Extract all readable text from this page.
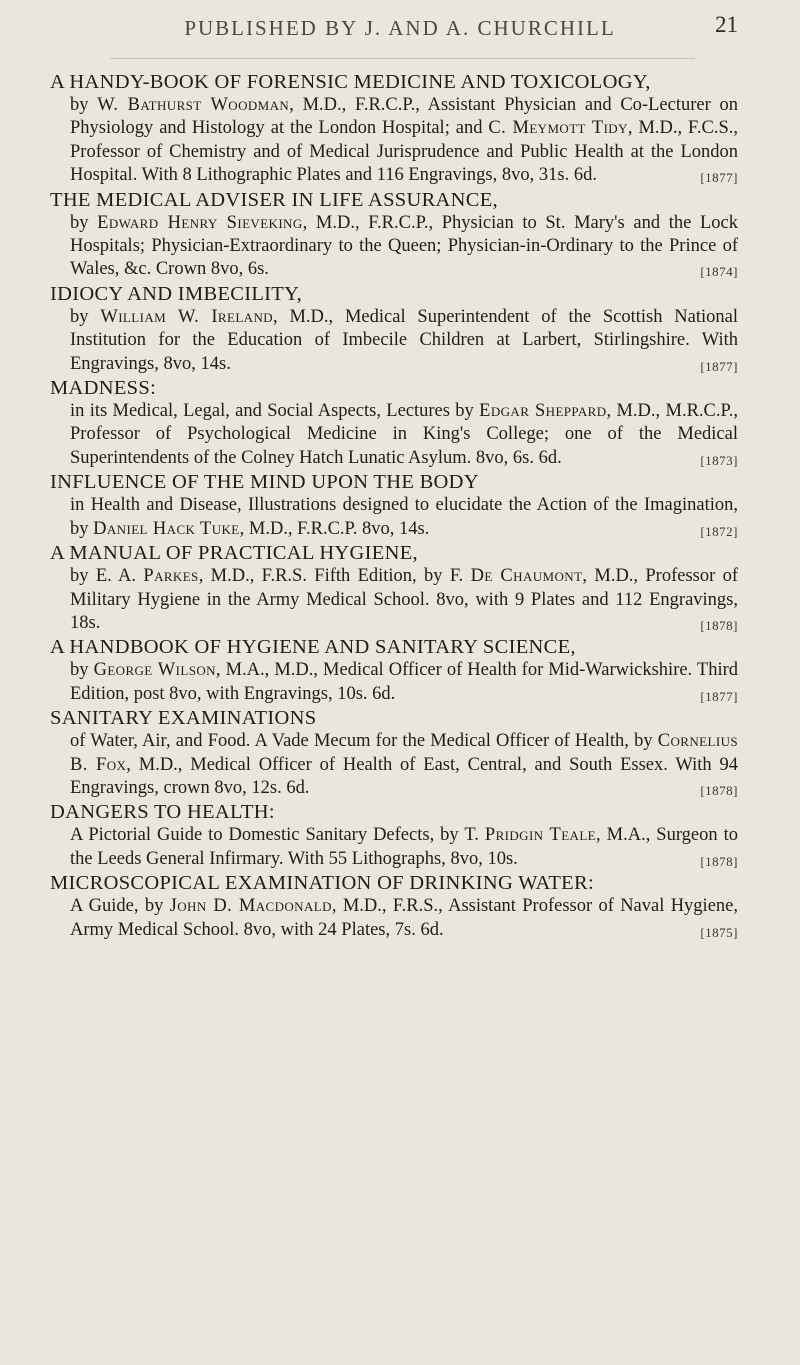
PUBLISHED BY J. AND A. CHURCHILL	21
A HANDY-BOOK OF FORENSIC MEDICINE AND TOXICOLOGY,
by W. Bathurst Woodman, M.D., F.R.C.P., Assistant Physician and Co-Lecturer on Physiology and Histology at the London Hospital; and C. Meymott Tidy, M.D., F.C.S., Professor of Chemistry and of Medical Jurisprudence and Public Health at the London Hospital. With 8 Lithographic Plates and 116 Engravings, 8vo, 31s. 6d.	[1877]
THE MEDICAL ADVISER IN LIFE ASSURANCE,
by Edward Henry Sieveking, M.D., F.R.C.P., Physician to St. Mary's and the Lock Hospitals; Physician-Extraordinary to the Queen; Physician-in-Ordinary to the Prince of Wales, &c. Crown 8vo, 6s.	[1874]
IDIOCY AND IMBECILITY,
by William W. Ireland, M.D., Medical Superintendent of the Scottish National Institution for the Education of Imbecile Children at Larbert, Stirlingshire. With Engravings, 8vo, 14s.	[1877]
MADNESS:
in its Medical, Legal, and Social Aspects, Lectures by Edgar Sheppard, M.D., M.R.C.P., Professor of Psychological Medicine in King's College; one of the Medical Superintendents of the Colney Hatch Lunatic Asylum. 8vo, 6s. 6d.	[1873]
INFLUENCE OF THE MIND UPON THE BODY
in Health and Disease, Illustrations designed to elucidate the Action of the Imagination, by Daniel Hack Tuke, M.D., F.R.C.P. 8vo, 14s.	[1872]
A MANUAL OF PRACTICAL HYGIENE,
by E. A. Parkes, M.D., F.R.S. Fifth Edition, by F. De Chaumont, M.D., Professor of Military Hygiene in the Army Medical School. 8vo, with 9 Plates and 112 Engravings, 18s.	[1878]
A HANDBOOK OF HYGIENE AND SANITARY SCIENCE,
by George Wilson, M.A., M.D., Medical Officer of Health for Mid-Warwickshire. Third Edition, post 8vo, with Engravings, 10s. 6d.	[1877]
SANITARY EXAMINATIONS
of Water, Air, and Food. A Vade Mecum for the Medical Officer of Health, by Cornelius B. Fox, M.D., Medical Officer of Health of East, Central, and South Essex. With 94 Engravings, crown 8vo, 12s. 6d.	[1878]
DANGERS TO HEALTH:
A Pictorial Guide to Domestic Sanitary Defects, by T. Pridgin Teale, M.A., Surgeon to the Leeds General Infirmary. With 55 Lithographs, 8vo, 10s.	[1878]
MICROSCOPICAL EXAMINATION OF DRINKING WATER:
A Guide, by John D. Macdonald, M.D., F.R.S., Assistant Professor of Naval Hygiene, Army Medical School. 8vo, with 24 Plates, 7s. 6d.	[1875]
